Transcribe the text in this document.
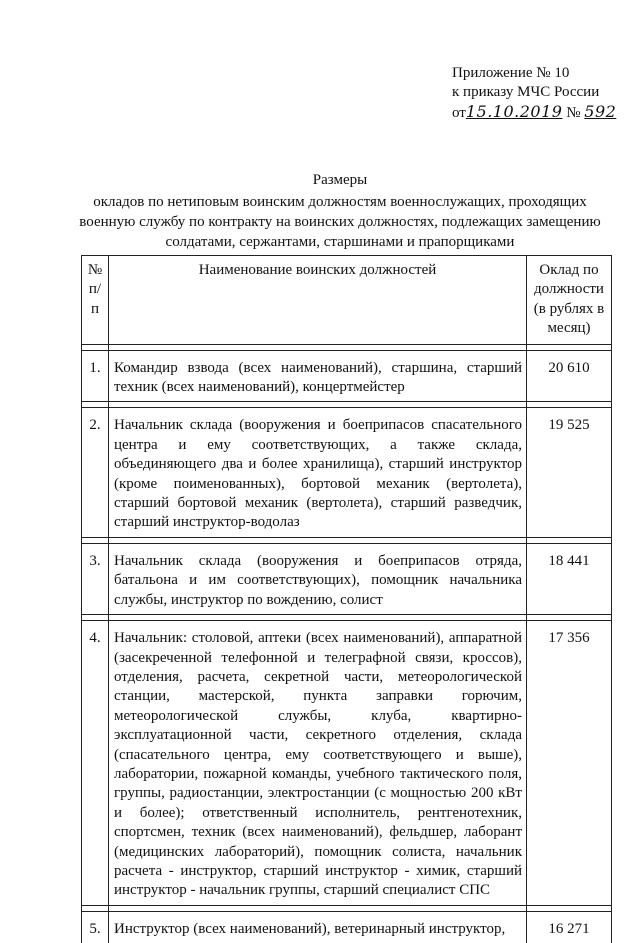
Приложение № 10
к приказу МЧС России
от15.10.2019 № 592
Размеры
окладов по нетиповым воинским должностям военнослужащих, проходящих военную службу по контракту на воинских должностях, подлежащих замещению солдатами, сержантами, старшинами и прапорщиками
№ п/п	Наименование воинских должностей	Оклад по должности (в рублях в месяц)

1.	Командир взвода (всех наименований), старшина, старший техник (всех наименований), концертмейстер	20 610

2.	Начальник склада (вооружения и боеприпасов спасательного центра и ему соответствующих, а также склада, объединяющего два и более хранилища), старший инструктор (кроме поименованных), бортовой механик (вертолета), старший бортовой механик (вертолета), старший разведчик, старший инструктор-водолаз	19 525

3.	Начальник склада (вооружения и боеприпасов отряда, батальона и им соответствующих), помощник начальника службы, инструктор по вождению, солист	18 441

4.	Начальник: столовой, аптеки (всех наименований), аппаратной (засекреченной телефонной и телеграфной связи, кроссов), отделения, расчета, секретной части, метеорологической станции, мастерской, пункта заправки горючим, метеорологической службы, клуба, квартирно-эксплуатационной части, секретного отделения, склада (спасательного центра, ему соответствующего и выше), лаборатории, пожарной команды, учебного тактического поля, группы, радиостанции, электростанции (с мощностью 200 кВт и более); ответственный исполнитель, рентгенотехник, спортсмен, техник (всех наименований), фельдшер, лаборант (медицинских лабораторий), помощник солиста, начальник расчета - инструктор, старший инструктор - химик, старший инструктор - начальник группы, старший специалист СПС	17 356

5.	Инструктор (всех наименований), ветеринарный инструктор,	16 271
